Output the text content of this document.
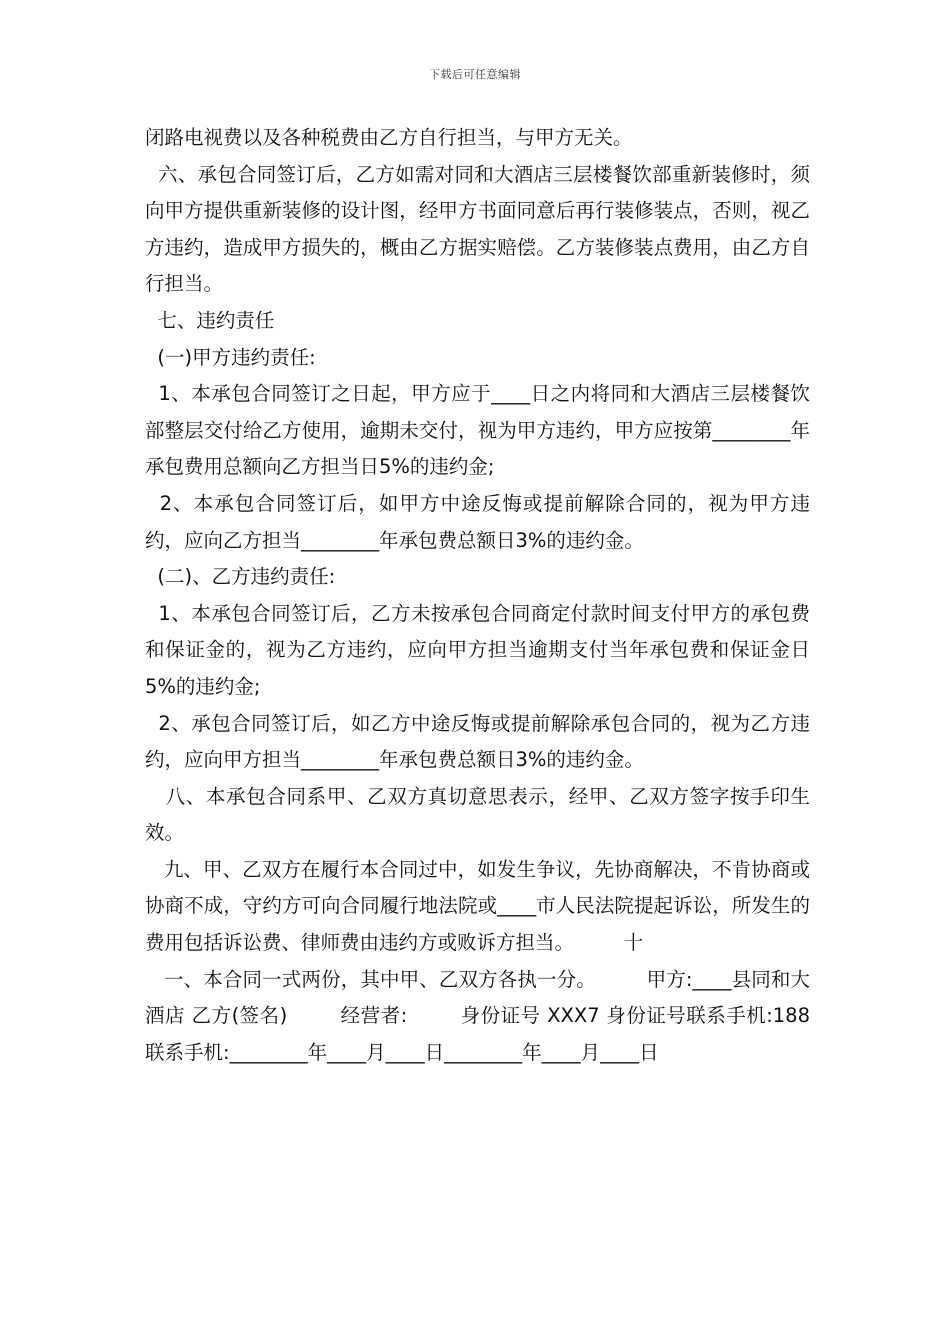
下载后可任意编辑

闭路电视费以及各种税费由乙方自行担当，与甲方无关。

六、承包合同签订后，乙方如需对同和大酒店三层楼餐饮部重新装修时，须向甲方提供重新装修的设计图，经甲方书面同意后再行装修装点，否则，视乙方违约，造成甲方损失的，概由乙方据实赔偿。乙方装修装点费用，由乙方自行担当。

七、违约责任

(一)甲方违约责任:

1、本承包合同签订之日起，甲方应于____日之内将同和大酒店三层楼餐饮部整层交付给乙方使用，逾期未交付，视为甲方违约，甲方应按第________年承包费用总额向乙方担当日5%的违约金;

2、本承包合同签订后，如甲方中途反悔或提前解除合同的，视为甲方违约，应向乙方担当________年承包费总额日3%的违约金。

(二)、乙方违约责任:

1、本承包合同签订后，乙方未按承包合同商定付款时间支付甲方的承包费和保证金的，视为乙方违约，应向甲方担当逾期支付当年承包费和保证金日5%的违约金;

2、承包合同签订后，如乙方中途反悔或提前解除承包合同的，视为乙方违约，应向甲方担当________年承包费总额日3%的违约金。

八、本承包合同系甲、乙双方真切意思表示，经甲、乙双方签字按手印生效。

九、甲、乙双方在履行本合同过中，如发生争议，先协商解决，不肯协商或协商不成，守约方可向合同履行地法院或____市人民法院提起诉讼，所发生的费用包括诉讼费、律师费由违约方或败诉方担当。        十

一、本合同一式两份，其中甲、乙双方各执一分。        甲方:____县同和大酒店 乙方(签名)        经营者:        身份证号 XXX7 身份证号联系手机:188 联系手机:________年____月____日________年____月____日
